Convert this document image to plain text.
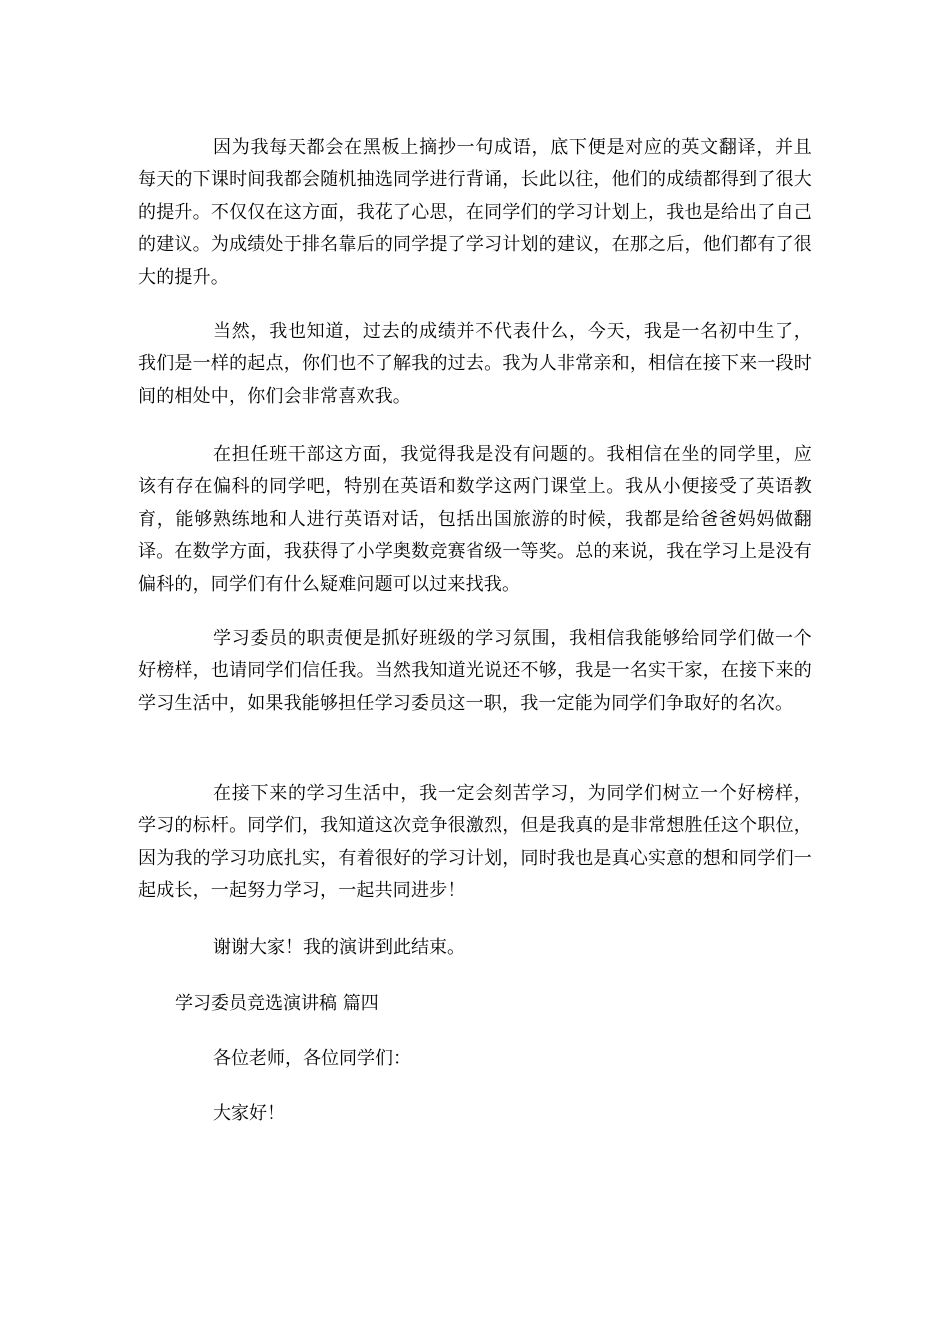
因为我每天都会在黑板上摘抄一句成语，底下便是对应的英文翻译，并且每天的下课时间我都会随机抽选同学进行背诵，长此以往，他们的成绩都得到了很大的提升。不仅仅在这方面，我花了心思，在同学们的学习计划上，我也是给出了自己的建议。为成绩处于排名靠后的同学提了学习计划的建议，在那之后，他们都有了很大的提升。

当然，我也知道，过去的成绩并不代表什么，今天，我是一名初中生了，我们是一样的起点，你们也不了解我的过去。我为人非常亲和，相信在接下来一段时间的相处中，你们会非常喜欢我。

在担任班干部这方面，我觉得我是没有问题的。我相信在坐的同学里，应该有存在偏科的同学吧，特别在英语和数学这两门课堂上。我从小便接受了英语教育，能够熟练地和人进行英语对话，包括出国旅游的时候，我都是给爸爸妈妈做翻译。在数学方面，我获得了小学奥数竞赛省级一等奖。总的来说，我在学习上是没有偏科的，同学们有什么疑难问题可以过来找我。

学习委员的职责便是抓好班级的学习氛围，我相信我能够给同学们做一个好榜样，也请同学们信任我。当然我知道光说还不够，我是一名实干家，在接下来的学习生活中，如果我能够担任学习委员这一职，我一定能为同学们争取好的名次。

在接下来的学习生活中，我一定会刻苦学习，为同学们树立一个好榜样，学习的标杆。同学们，我知道这次竞争很激烈，但是我真的是非常想胜任这个职位，因为我的学习功底扎实，有着很好的学习计划，同时我也是真心实意的想和同学们一起成长，一起努力学习，一起共同进步！

谢谢大家！我的演讲到此结束。

学习委员竞选演讲稿 篇四

各位老师，各位同学们：

大家好！
